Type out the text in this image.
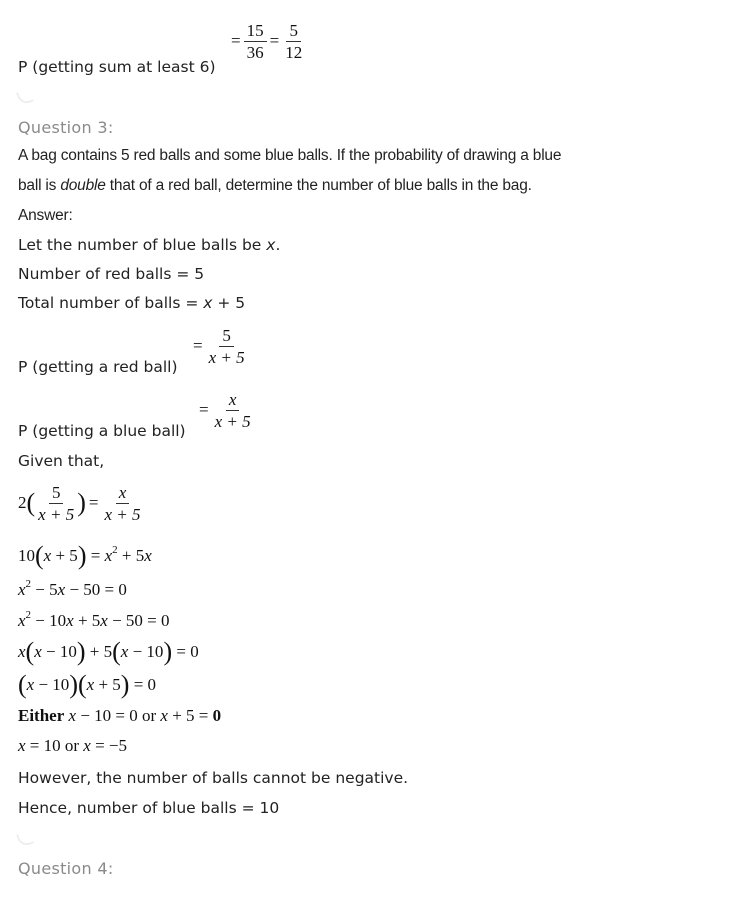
P (getting sum at least 6)
= $\frac{15}{36} = \frac{5}{12}$
Question 3:
A bag contains 5 red balls and some blue balls. If the probability of drawing a blue
ball is double that of a red ball, determine the number of blue balls in the bag.
Answer:
Let the number of blue balls be x.
Number of red balls = 5
Total number of balls = x + 5
P (getting a red ball)
= $\frac{5}{x + 5}$
P (getting a blue ball)
= $\frac{x}{x + 5}$
Given that,
$2( \frac{5}{x + 5}$ ) = $\frac{x}{x + 5}$
$10(x + 5) = x^2 + 5x$
$x^2 - 5x - 50 = 0$
$x^2 - 10x + 5x - 50 = 0$
x(x − 10) + 5(x − 10) = 0
(x − 10)(x + 5) = 0
Either x − 10 = 0 or x + 5 = 0
x = 10 or x = −5
However, the number of balls cannot be negative.
Hence, number of blue balls = 10
Question 4:
